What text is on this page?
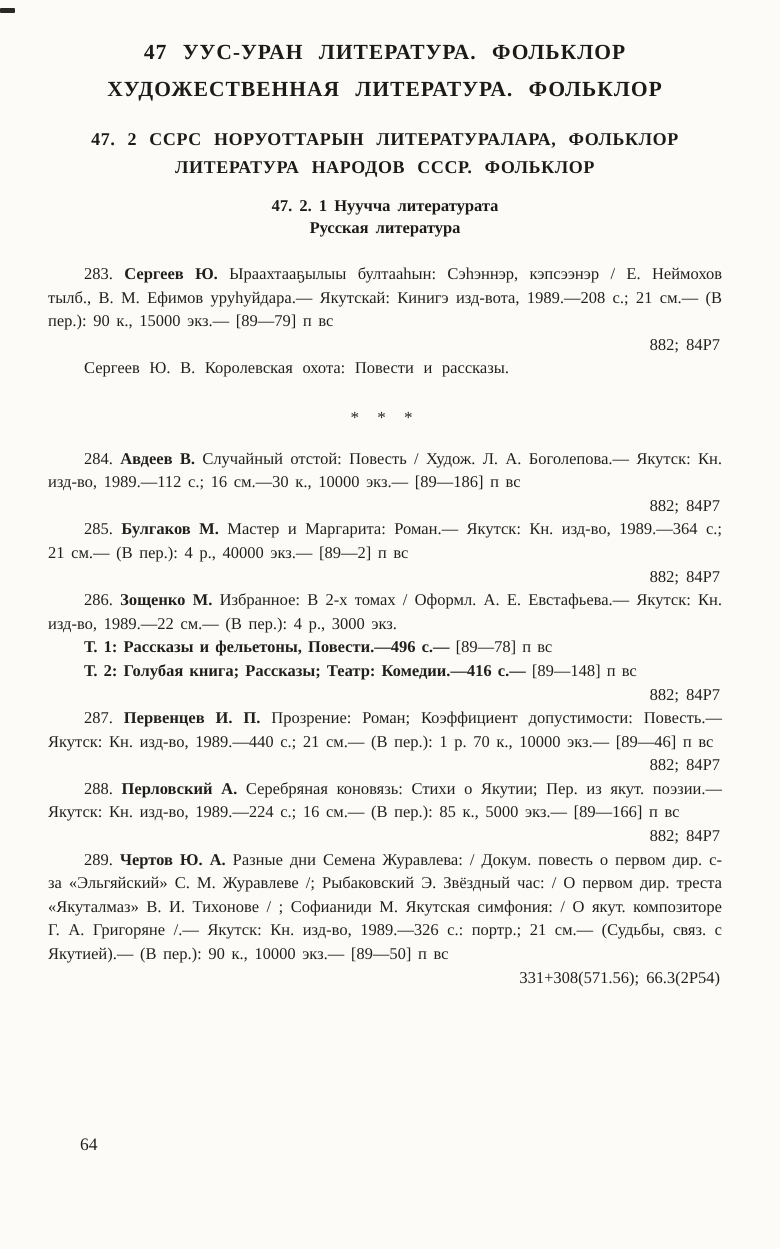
47 УУС-УРАН ЛИТЕРАТУРА. ФОЛЬКЛОР
ХУДОЖЕСТВЕННАЯ ЛИТЕРАТУРА. ФОЛЬКЛОР
47. 2 ССРС НОРУОТТАРЫН ЛИТЕРАТУРАЛАРА, ФОЛЬКЛОР
ЛИТЕРАТУРА НАРОДОВ СССР. ФОЛЬКЛОР
47. 2. 1 Нуучча литературата
Русская литература

283. Сергеев Ю. Ыраахтааҕылыы бултааһын: Сэһэннэр, кэпсээнэр / Е. Неймохов тылб., В. М. Ефимов уруһуйдара.— Якутскай: Кинигэ изд-вота, 1989.—208 с.; 21 см.— (В пер.): 90 к., 15000 экз.— [89—79] п вс

882; 84Р7

Сергеев Ю. В. Королевская охота: Повести и рассказы.

* * *

284. Авдеев В. Случайный отстой: Повесть / Худож. Л. А. Боголепова.— Якутск: Кн. изд-во, 1989.—112 с.; 16 см.—30 к., 10000 экз.— [89—186] п вс

882; 84Р7

285. Булгаков М. Мастер и Маргарита: Роман.— Якутск: Кн. изд-во, 1989.—364 с.; 21 см.— (В пер.): 4 р., 40000 экз.— [89—2] п вс

882; 84Р7

286. Зощенко М. Избранное: В 2-х томах / Оформл. А. Е. Евстафьева.— Якутск: Кн. изд-во, 1989.—22 см.— (В пер.): 4 р., 3000 экз.

Т. 1: Рассказы и фельетоны, Повести.—496 с.— [89—78] п вс

Т. 2: Голубая книга; Рассказы; Театр: Комедии.—416 с.— [89—148] п вс

882; 84Р7

287. Первенцев И. П. Прозрение: Роман; Коэффициент допустимости: Повесть.— Якутск: Кн. изд-во, 1989.—440 с.; 21 см.— (В пер.): 1 р. 70 к., 10000 экз.— [89—46] п вс

882; 84Р7

288. Перловский А. Серебряная коновязь: Стихи о Якутии; Пер. из якут. поэзии.— Якутск: Кн. изд-во, 1989.—224 с.; 16 см.— (В пер.): 85 к., 5000 экз.— [89—166] п вс

882; 84Р7

289. Чертов Ю. А. Разные дни Семена Журавлева: / Докум. повесть о первом дир. с-за «Эльгяйский» С. М. Журавлеве /; Рыбаковский Э. Звёздный час: / О первом дир. треста «Якуталмаз» В. И. Тихонове / ; Софианиди М. Якутская симфония: / О якут. композиторе Г. А. Григоряне /.— Якутск: Кн. изд-во, 1989.—326 с.: портр.; 21 см.— (Судьбы, связ. с Якутией).— (В пер.): 90 к., 10000 экз.— [89—50] п вс

331+308(571.56); 66.3(2Р54)

64
